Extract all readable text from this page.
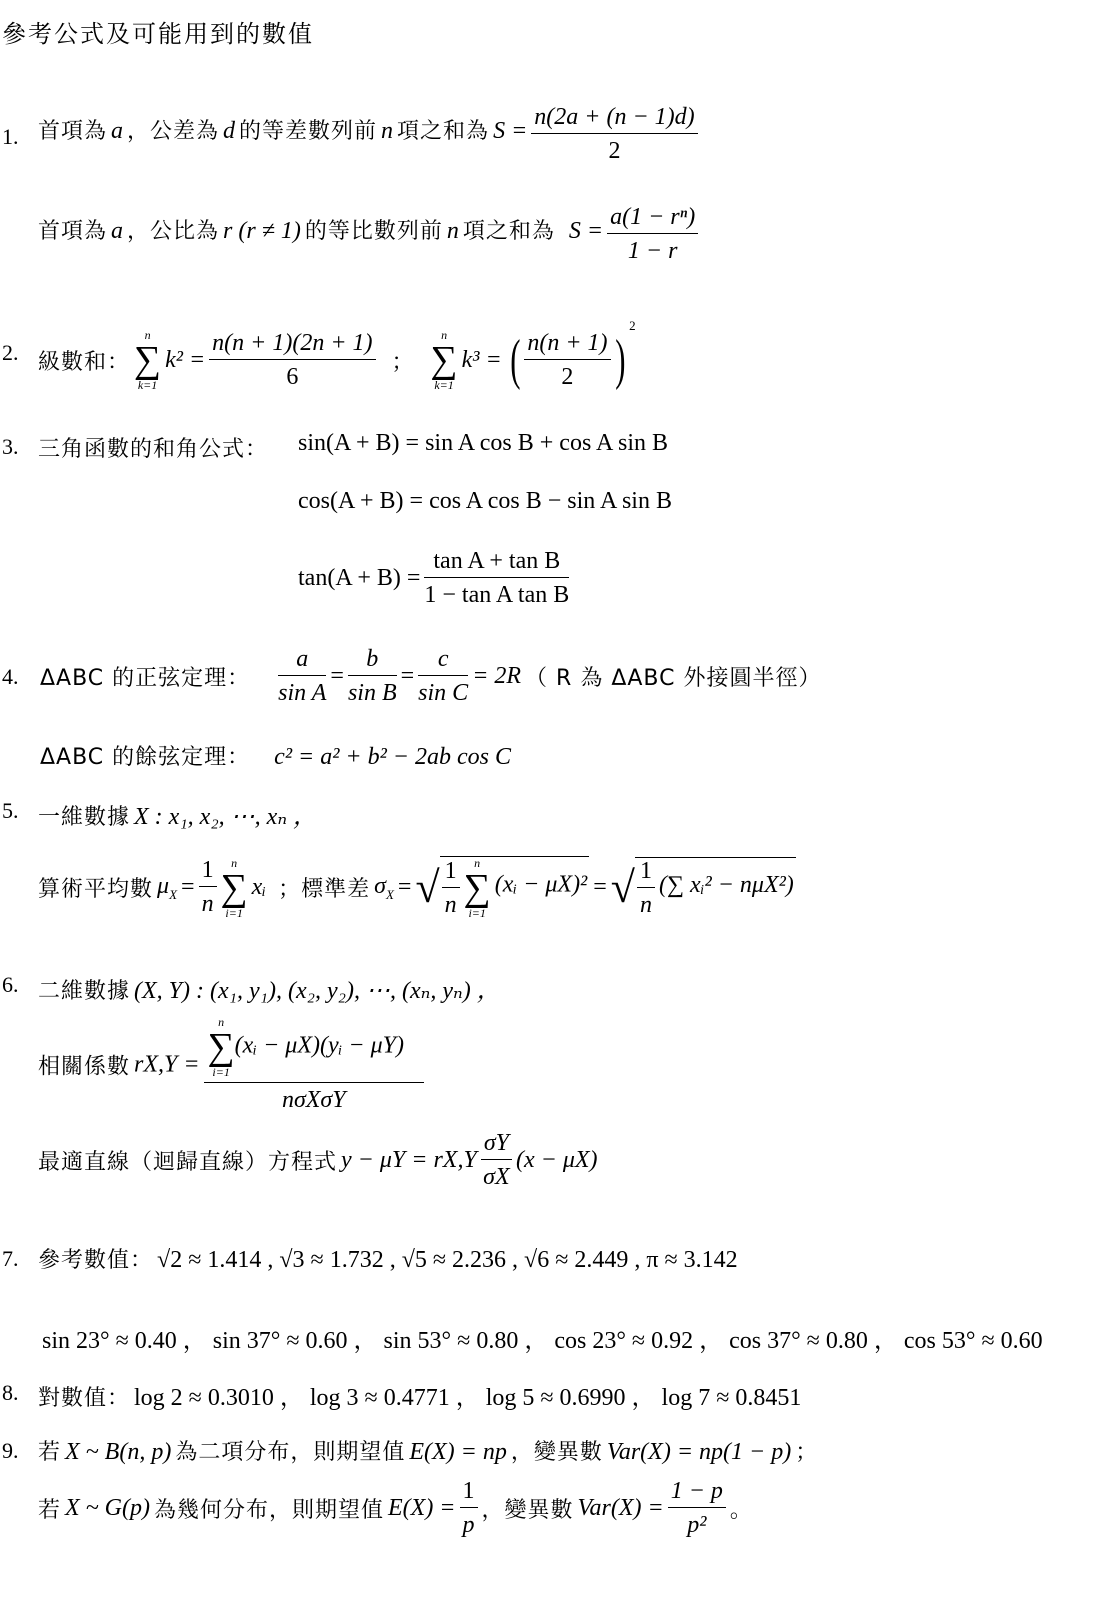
參考公式及可能用到的數值
1. 首項為 a ，公差為 d 的等差數列前 n 項之和為 $S = \frac{n(2a + (n - 1)d)}{2}$
首項為 a ，公比為 r (r ≠ 1) 的等比數列前 n 項之和為 $S = \frac{\text{a(1 − rⁿ)}}{1 - r}$
2. 級數和：
n
∑
k=1
$k^2 = \frac{n(n + 1)(2n + 1)}{6}$ ；
n
∑
k=1
k³ = ( $\frac{n(n + 1)}{2} )^2$
3. 三角函數的和角公式： sin(A + B) = sin A cos B + cos A sin B
cos(A + B) = cos A cos B − sin A sin B
$\tan(A + B) = \frac{\text{tan A + tan B}}{\text{1 − tan A tan B}}$
4. ΔABC 的正弦定理： $\frac{a}{\text{sin A}} = \frac{b}{\text{sin B}} = \frac{c}{\text{sin C}} = 2R$ （ R 為 ΔABC 外接圓半徑）
ΔABC 的餘弦定理： c² = a² + b² − 2ab cos C
5. 一維數據 X : x₁, x₂, ⋯, xₙ ，
算術平均數 $\mu_X = \frac{1}{n}$
	n
∑
i=1
xᵢ ；標準差 $\sigma_X$ = √ $\frac{1}{n}$
	n
∑
i=1
(xᵢ − μX)² = √ $\frac{1}{n}$ (∑ xᵢ² − nμX²)
6. 二維數據 (X, Y) : (x₁, y₁), (x₂, y₂), ⋯, (xₙ, yₙ) ，
相關係數 rX,Y = n
∑
i=1
(xᵢ − μX)(yᵢ − μY)
nσXσY
最適直線（迴歸直線）方程式 $y - \mu Y = rX,Y \frac{\sigma Y}{\sigma X} (x - \mu X)$
7. 參考數值： √2 ≈ 1.414 , √3 ≈ 1.732 , √5 ≈ 2.236 , √6 ≈ 2.449 , π ≈ 3.142
sin 23° ≈ 0.40 ， sin 37° ≈ 0.60 ， sin 53° ≈ 0.80 ， cos 23° ≈ 0.92 ， cos 37° ≈ 0.80 ， cos 53° ≈ 0.60
8. 對數值： log 2 ≈ 0.3010 ， log 3 ≈ 0.4771 ， log 5 ≈ 0.6990 ， log 7 ≈ 0.8451
9. 若 X ~ B(n, p) 為二項分布，則期望值 E(X) = np ，變異數 Var(X) = np(1 − p) ；
若 X ~ G(p) 為幾何分布，則期望值 $E(X) = \frac{1}{p}$ ，變異數 $Var(X) = \frac{1 - p}{\text{p²}}$ 。
